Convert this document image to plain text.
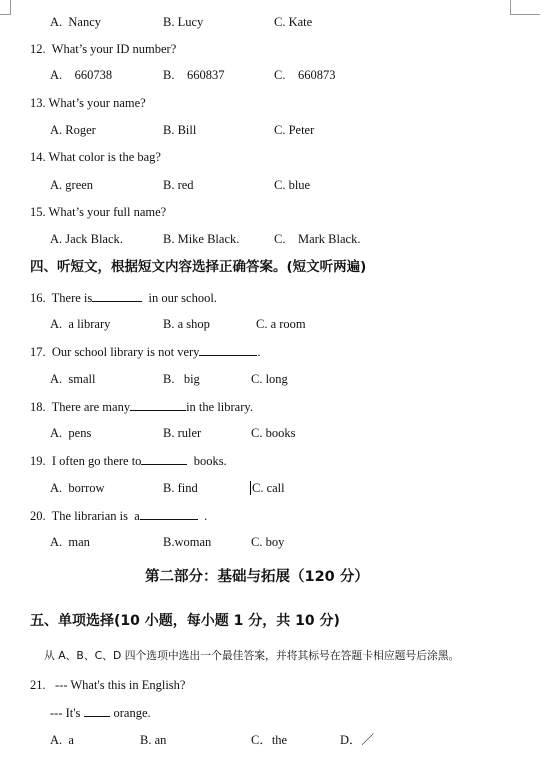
A.  Nancy	B. Lucy	C. Kate
12.  What’s your ID number?
A.    660738	B.    660837	C.    660873
13. What’s your name?
A. Roger	B. Bill	C. Peter
14. What color is the bag?
A. green	B. red	C. blue
15. What’s your full name?
A. Jack Black.	B. Mike Black.	C.    Mark Black.
四、听短文，根据短文内容选择正确答案。(短文听两遍)
16.  There is	in our school.
A.  a library	B. a shop	C. a room
17.  Our school library is not very	.
A.  small	B.   big	C. long
18.  There are many	in the library.
A.  pens	B. ruler	C. books
19.  I often go there to	books.
A.  borrow	B. find	C. call
20.  The librarian is  a	.
A.  man	B.woman	C. boy
第二部分：基础与拓展（120 分）
五、单项选择(10 小题，每小题 1 分，共 10 分)
从 A、B、C、D 四个选项中选出一个最佳答案，并将其标号在答题卡相应题号后涂黑。
21.   --- What's this in English?
--- It's orange.
A.  a	B. an	C．the	D．／
